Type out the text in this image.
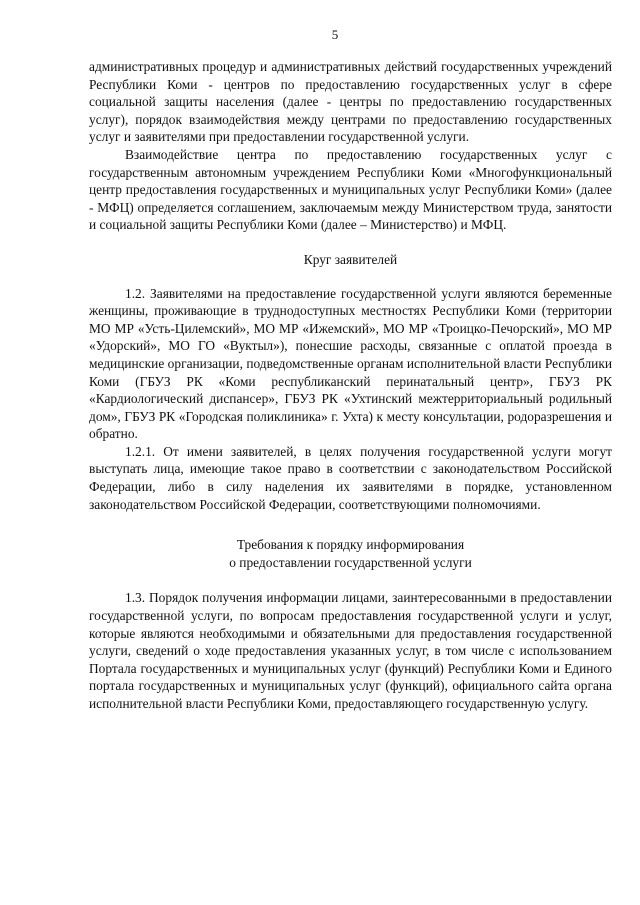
5

административных процедур и административных действий государственных учреждений Республики Коми - центров по предоставлению государственных услуг в сфере социальной защиты населения (далее - центры по предоставлению государственных услуг), порядок взаимодействия между центрами по предоставлению государственных услуг и заявителями при предоставлении государственной услуги.

Взаимодействие центра по предоставлению государственных услуг с государственным автономным учреждением Республики Коми «Многофункциональный центр предоставления государственных и муниципальных услуг Республики Коми» (далее - МФЦ) определяется соглашением, заключаемым между Министерством труда, занятости и социальной защиты Республики Коми (далее – Министерство) и МФЦ.

Круг заявителей

1.2. Заявителями на предоставление государственной услуги являются беременные женщины, проживающие в труднодоступных местностях Республики Коми (территории МО МР «Усть-Цилемский», МО МР «Ижемский», МО МР «Троицко-Печорский», МО МР «Удорский», МО ГО «Вуктыл»), понесшие расходы, связанные с оплатой проезда в медицинские организации, подведомственные органам исполнительной власти Республики Коми (ГБУЗ РК «Коми республиканский перинатальный центр», ГБУЗ РК «Кардиологический диспансер», ГБУЗ РК «Ухтинский межтерриториальный родильный дом», ГБУЗ РК «Городская поликлиника» г. Ухта) к месту консультации, родоразрешения и обратно.

1.2.1. От имени заявителей, в целях получения государственной услуги могут выступать лица, имеющие такое право в соответствии с законодательством Российской Федерации, либо в силу наделения их заявителями в порядке, установленном законодательством Российской Федерации, соответствующими полномочиями.

Требования к порядку информирования
о предоставлении государственной услуги

1.3. Порядок получения информации лицами, заинтересованными в предоставлении государственной услуги, по вопросам предоставления государственной услуги и услуг, которые являются необходимыми и обязательными для предоставления государственной услуги, сведений о ходе предоставления указанных услуг, в том числе с использованием Портала государственных и муниципальных услуг (функций) Республики Коми и Единого портала государственных и муниципальных услуг (функций), официального сайта органа исполнительной власти Республики Коми, предоставляющего государственную услугу.
